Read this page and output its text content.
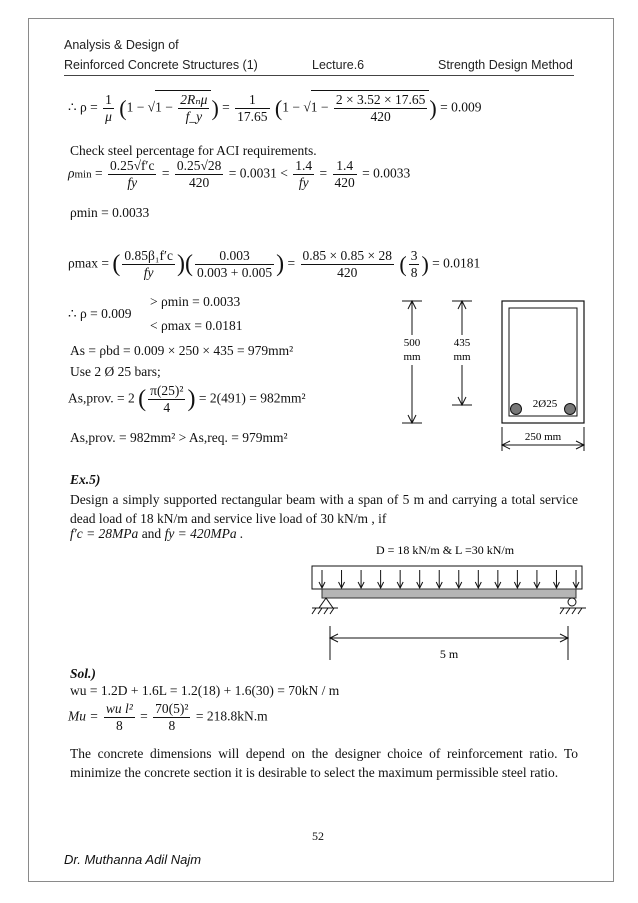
Analysis & Design of
Reinforced Concrete Structures (1)	Lecture.6	Strength Design Method
∴ $\rho = \frac{1}{\mu} (1 - √1 - \frac{\text{2Rₙμ}}{f\_y}$ ) = $\frac{1}{17.65} (1 - √1 - \frac{2 \times 3.52 \times 17.65}{420}$ ) = 0.009
Check steel percentage for ACI requirements.
$\rho\min = \frac{0.25√f'c}{fy} = \frac{0.25√28}{420} = 0.0031 < \frac{1.4}{fy} = \frac{1.4}{420} = 0.0033$
ρmin = 0.0033
ρmax = ( $\frac{\text{0.85β₁f′c}}{fy}$ )( $\frac{0.003}{0.003 + 0.005}$ ) = $\frac{0.85 \times 0.85 \times 28}{420}$ ( $\frac{3}{8}$ ) = 0.0181
∴ ρ = 0.009
> ρmin = 0.0033
< ρmax = 0.0181
As = ρbd = 0.009 × 250 × 435 = 979mm²
Use 2 Ø 25 bars;
As,prov. = 2 ( $\frac{\text{π(25)²}}{4}$ ) = 2(491) = 982mm²
As,prov. = 982mm² > As,req. = 979mm²
500
mm
435
mm
2Ø25
250 mm
Ex.5)
Design a simply supported rectangular beam with a span of 5 m and carrying a total service dead load of 18 kN/m and service live load of 30 kN/m , if
f′c = 28MPa and fy = 420MPa .
D = 18 kN/m & L =30 kN/m
5 m
Sol.)
wu = 1.2D + 1.6L = 1.2(18) + 1.6(30) = 70kN / m
$Mu = \frac{\text{wu l²}}{8} = \frac{\text{70(5)²}}{8} = 218.8kN.m$
The concrete dimensions will depend on the designer choice of reinforcement ratio. To minimize the concrete section it is desirable to select the maximum permissible steel ratio.
52
Dr. Muthanna Adil Najm
